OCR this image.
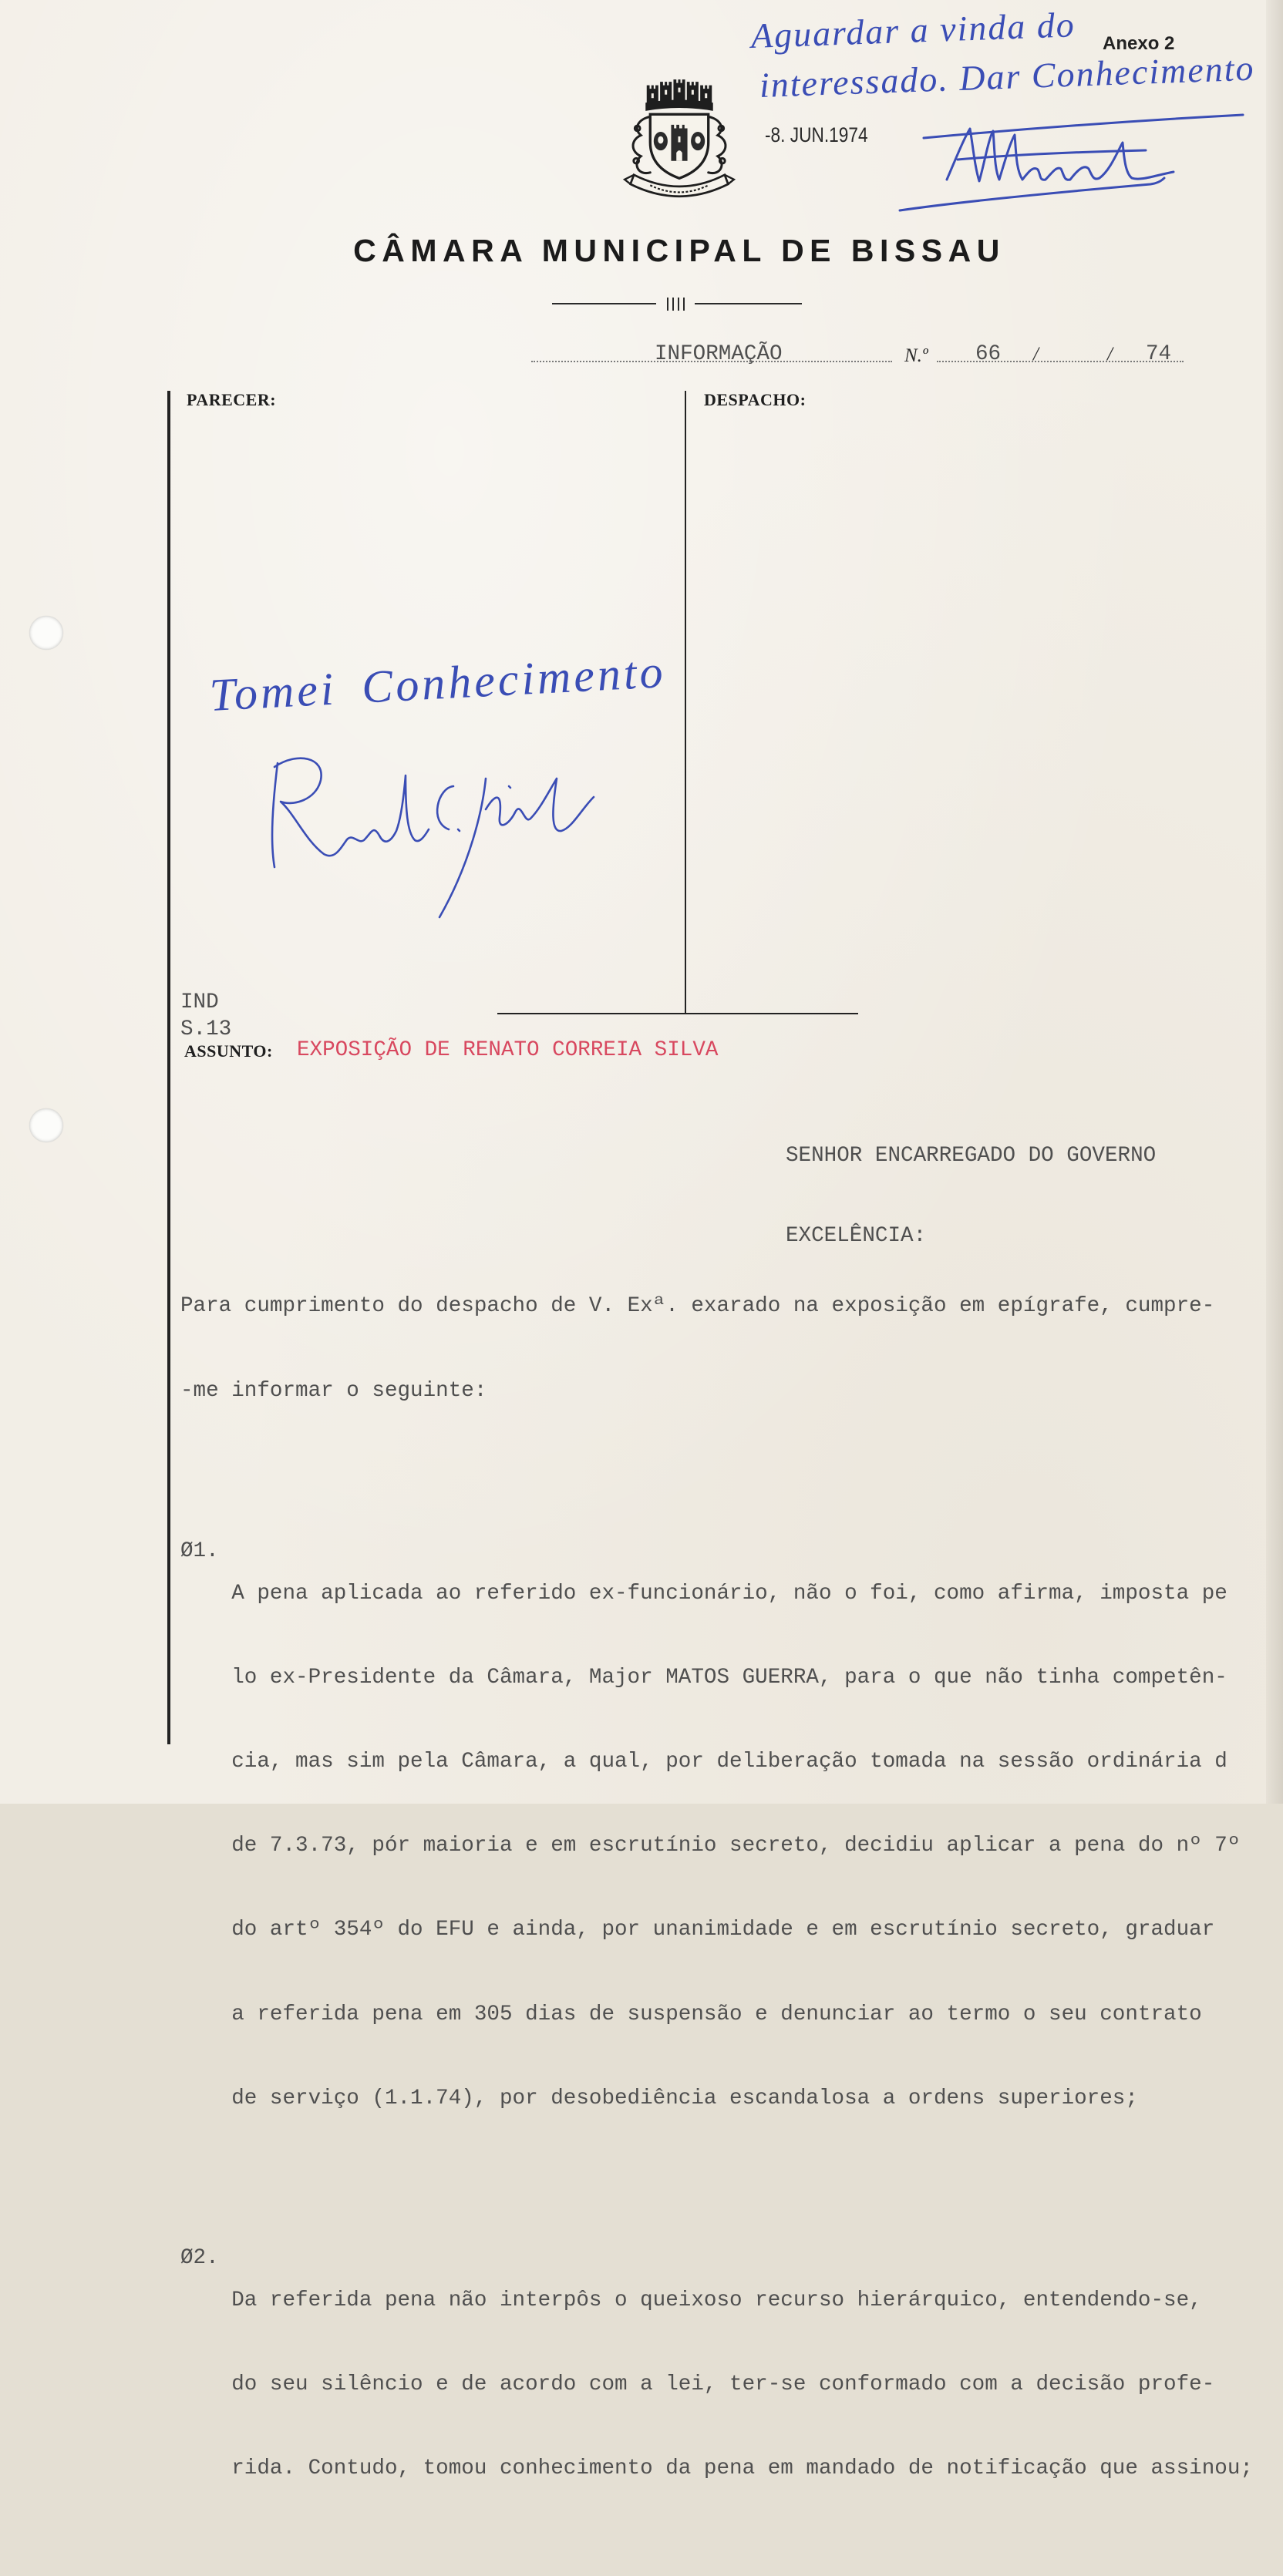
Aguardar a vinda do
interessado. Dar Conhecimento
Anexo 2
-8. JUN.1974
CÂMARA MUNICIPAL DE BISSAU
INFORMAÇÃO	N.º 66 /	/ 74
PARECER:	DESPACHO:
Tomei Conhecimento
IND
S.13
ASSUNTO: EXPOSIÇÃO DE RENATO CORREIA SILVA

SENHOR ENCARREGADO DO GOVERNO

EXCELÊNCIA:

Para cumprimento do despacho de V. Exª. exarado na exposição em epígrafe, cumpre-

-me informar o seguinte:

Ø1.

A pena aplicada ao referido ex-funcionário, não o foi, como afirma, imposta pe

lo ex-Presidente da Câmara, Major MATOS GUERRA, para o que não tinha competên-

cia, mas sim pela Câmara, a qual, por deliberação tomada na sessão ordinária d

de 7.3.73, pór maioria e em escrutínio secreto, decidiu aplicar a pena do nº 7º

do artº 354º do EFU e ainda, por unanimidade e em escrutínio secreto, graduar

a referida pena em 305 dias de suspensão e denunciar ao termo o seu contrato

de serviço (1.1.74), por desobediência escandalosa a ordens superiores;

Ø2.

Da referida pena não interpôs o queixoso recurso hierárquico, entendendo-se,

do seu silêncio e de acordo com a lei, ter-se conformado com a decisão profe-

rida. Contudo, tomou conhecimento da pena em mandado de notificação que assinou;
